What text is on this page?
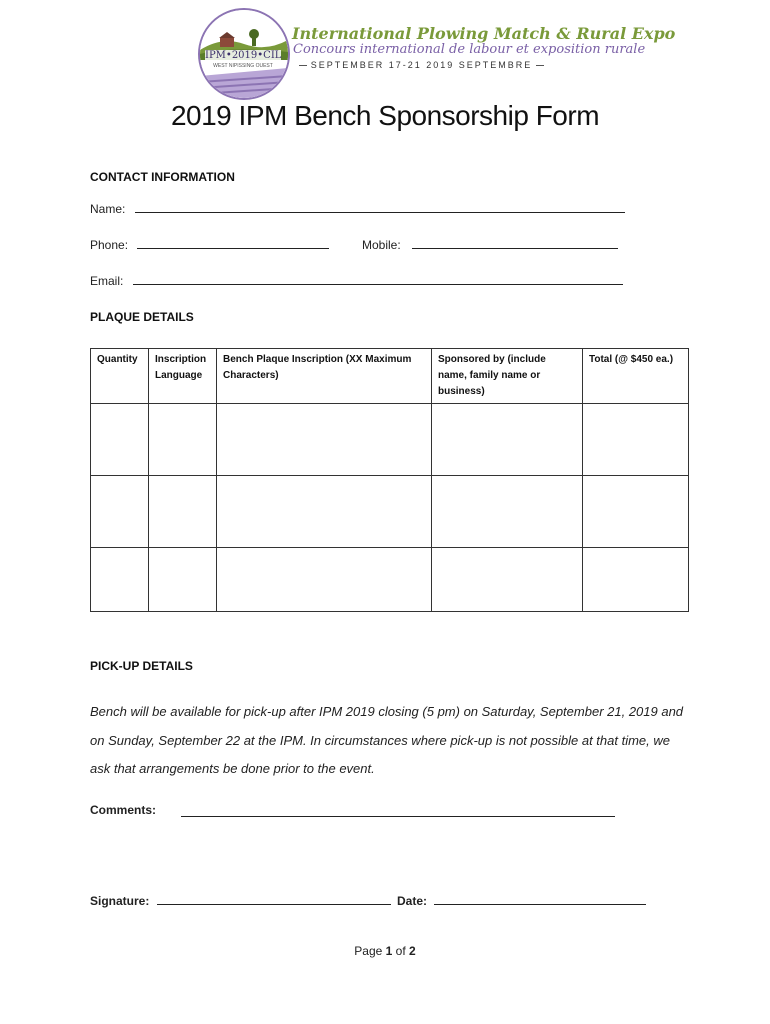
IPM•2019•CIL
WEST NIPISSING OUEST
International Plowing Match & Rural Expo
Concours international de labour et exposition rurale
SEPTEMBER 17-21 2019 SEPTEMBRE
2019 IPM Bench Sponsorship Form
CONTACT INFORMATION
Name:
Phone:	Mobile:
Email:
PLAQUE DETAILS
Quantity	Inscription Language	Bench Plaque Inscription (XX Maximum Characters)	Sponsored by (include name, family name or business)	Total (@ $450 ea.)

PICK-UP DETAILS
Bench will be available for pick-up after IPM 2019 closing (5 pm) on Saturday, September 21, 2019 and on Sunday, September 22 at the IPM. In circumstances where pick-up is not possible at that time, we ask that arrangements be done prior to the event.
Comments:
Signature:	Date:
Page 1 of 2
